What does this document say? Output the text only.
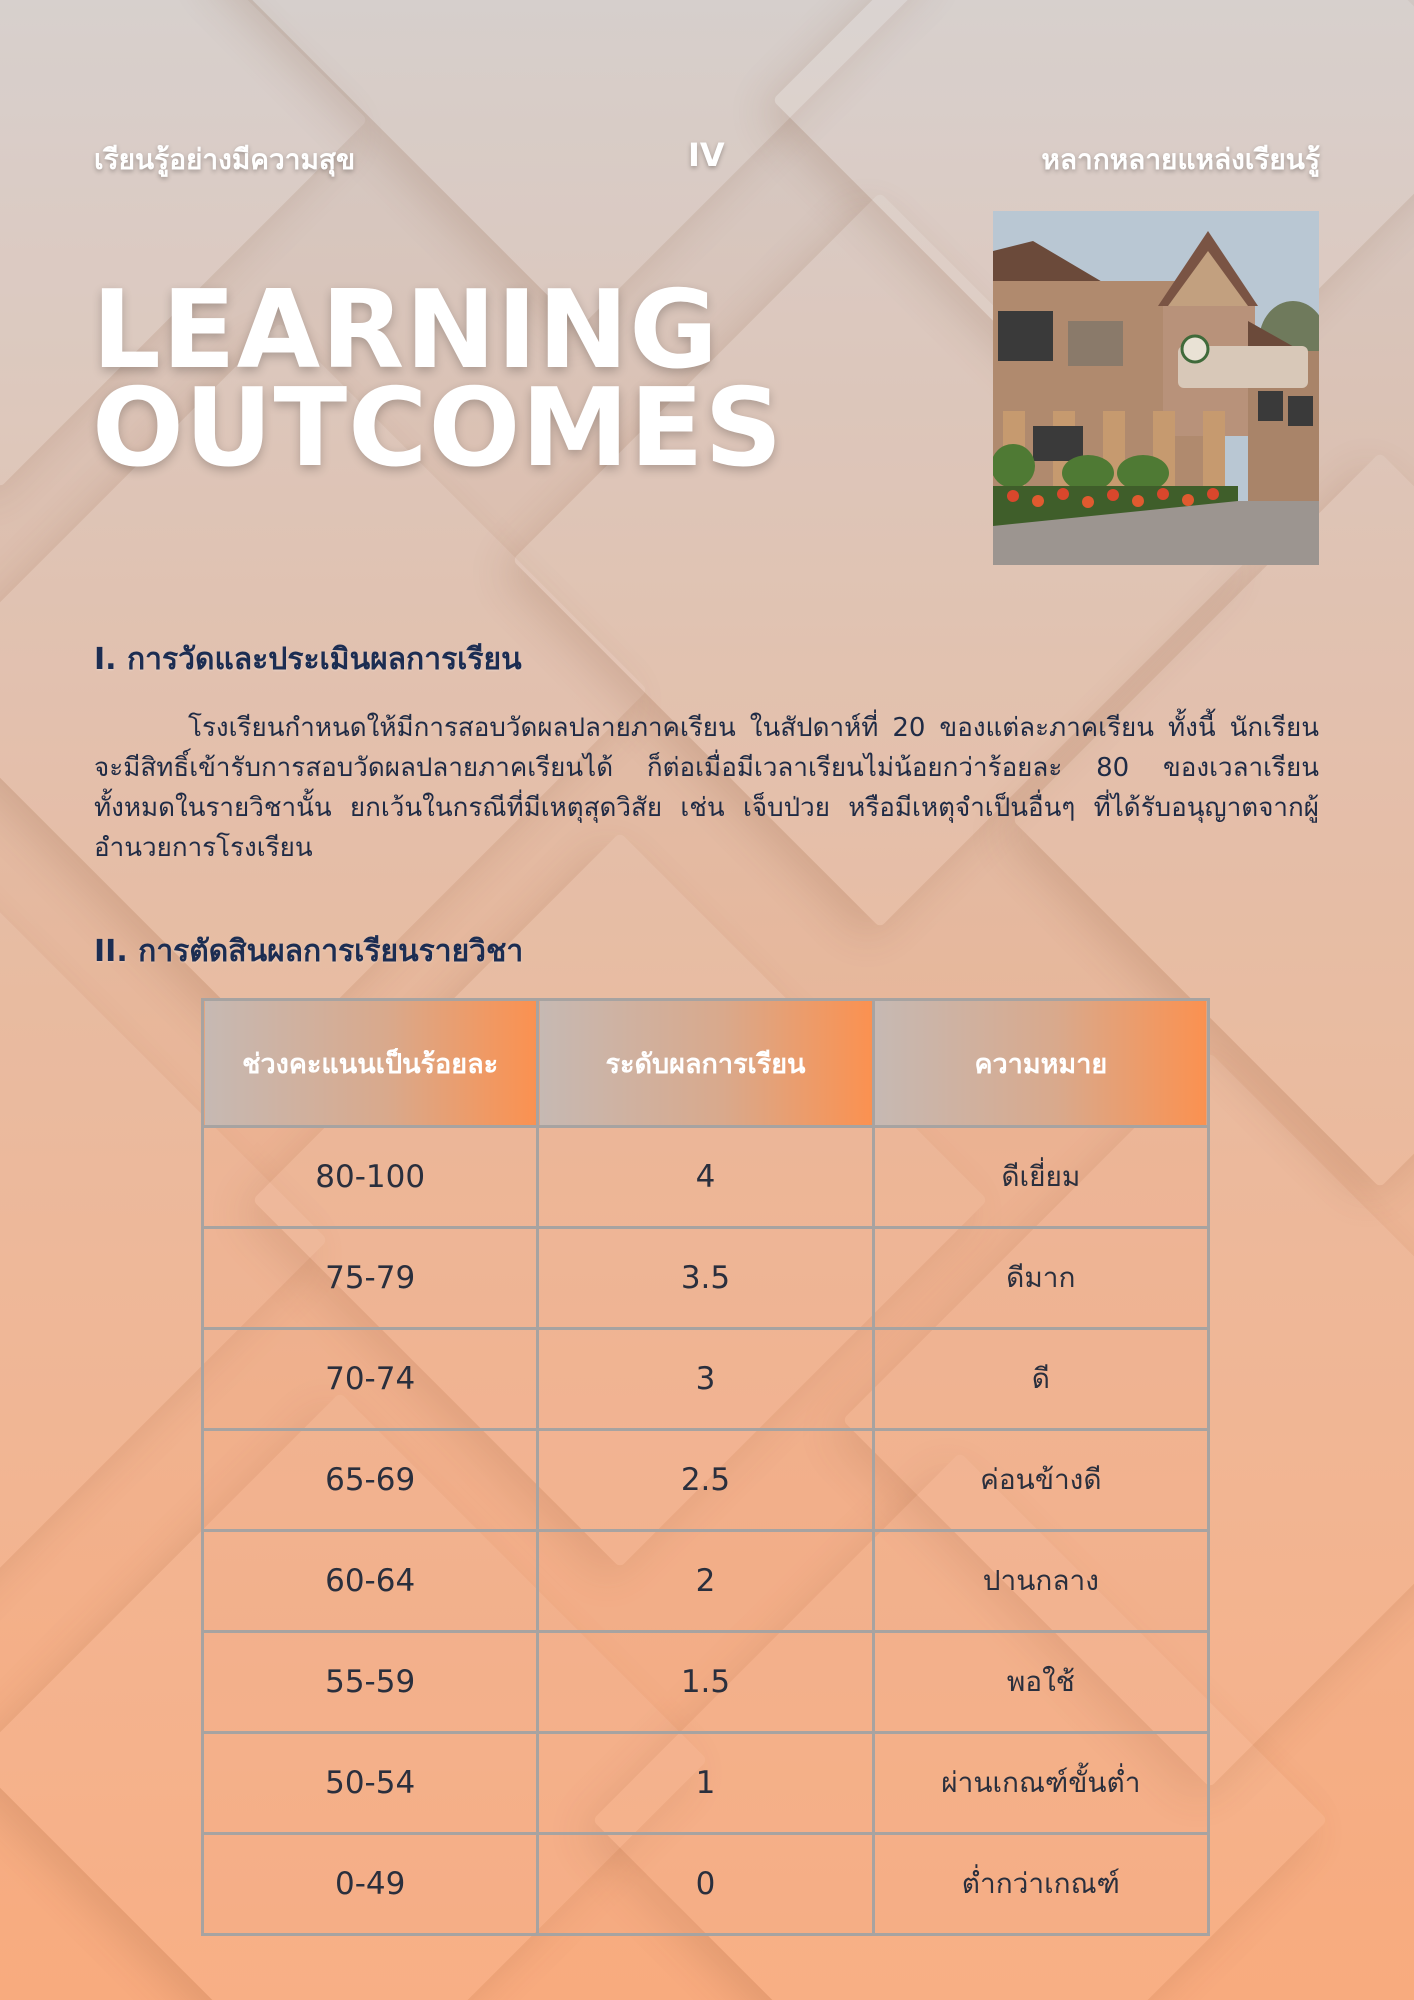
เรียนรู้อย่างมีความสุข	IV	หลากหลายแหล่งเรียนรู้
LEARNING
OUTCOMES
I. การวัดและประเมินผลการเรียน

โรงเรียนกำหนดให้มีการสอบวัดผลปลายภาคเรียน ในสัปดาห์ที่ 20 ของแต่ละภาคเรียน ทั้งนี้ นักเรียนจะมีสิทธิ์เข้ารับการสอบวัดผลปลายภาคเรียนได้ ก็ต่อเมื่อมีเวลาเรียนไม่น้อยกว่าร้อยละ 80 ของเวลาเรียนทั้งหมดในรายวิชานั้น ยกเว้นในกรณีที่มีเหตุสุดวิสัย เช่น เจ็บป่วย หรือมีเหตุจำเป็นอื่นๆ ที่ได้รับอนุญาตจากผู้อำนวยการโรงเรียน

II. การตัดสินผลการเรียนรายวิชา
ช่วงคะแนนเป็นร้อยละ	ระดับผลการเรียน	ความหมาย
80-100	4	ดีเยี่ยม
75-79	3.5	ดีมาก
70-74	3	ดี
65-69	2.5	ค่อนข้างดี
60-64	2	ปานกลาง
55-59	1.5	พอใช้
50-54	1	ผ่านเกณฑ์ขั้นต่ำ
0-49	0	ต่ำกว่าเกณฑ์
